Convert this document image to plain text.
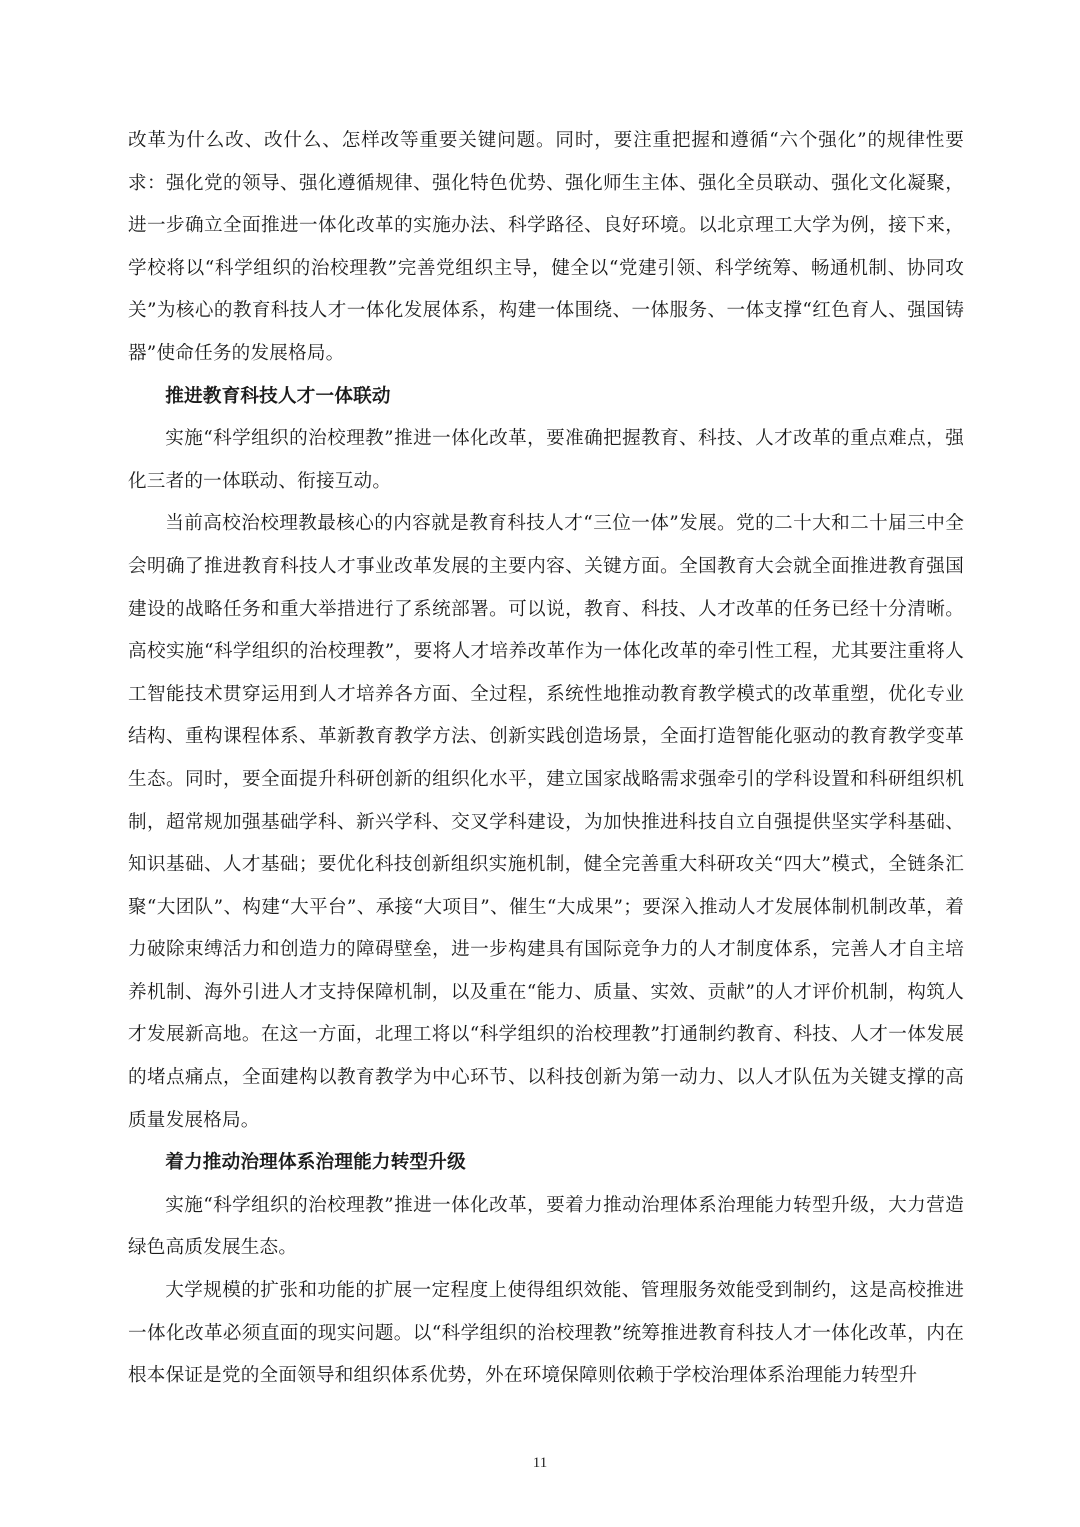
改革为什么改、改什么、怎样改等重要关键问题。同时，要注重把握和遵循“六个强化”的规律性要求：强化党的领导、强化遵循规律、强化特色优势、强化师生主体、强化全员联动、强化文化凝聚，进一步确立全面推进一体化改革的实施办法、科学路径、良好环境。以北京理工大学为例，接下来，学校将以“科学组织的治校理教”完善党组织主导，健全以“党建引领、科学统筹、畅通机制、协同攻关”为核心的教育科技人才一体化发展体系，构建一体围绕、一体服务、一体支撑“红色育人、强国铸器”使命任务的发展格局。

推进教育科技人才一体联动

实施“科学组织的治校理教”推进一体化改革，要准确把握教育、科技、人才改革的重点难点，强化三者的一体联动、衔接互动。

当前高校治校理教最核心的内容就是教育科技人才“三位一体”发展。党的二十大和二十届三中全会明确了推进教育科技人才事业改革发展的主要内容、关键方面。全国教育大会就全面推进教育强国建设的战略任务和重大举措进行了系统部署。可以说，教育、科技、人才改革的任务已经十分清晰。高校实施“科学组织的治校理教”，要将人才培养改革作为一体化改革的牵引性工程，尤其要注重将人工智能技术贯穿运用到人才培养各方面、全过程，系统性地推动教育教学模式的改革重塑，优化专业结构、重构课程体系、革新教育教学方法、创新实践创造场景，全面打造智能化驱动的教育教学变革生态。同时，要全面提升科研创新的组织化水平，建立国家战略需求强牵引的学科设置和科研组织机制，超常规加强基础学科、新兴学科、交叉学科建设，为加快推进科技自立自强提供坚实学科基础、知识基础、人才基础；要优化科技创新组织实施机制，健全完善重大科研攻关“四大”模式，全链条汇聚“大团队”、构建“大平台”、承接“大项目”、催生“大成果”；要深入推动人才发展体制机制改革，着力破除束缚活力和创造力的障碍壁垒，进一步构建具有国际竞争力的人才制度体系，完善人才自主培养机制、海外引进人才支持保障机制，以及重在“能力、质量、实效、贡献”的人才评价机制，构筑人才发展新高地。在这一方面，北理工将以“科学组织的治校理教”打通制约教育、科技、人才一体发展的堵点痛点，全面建构以教育教学为中心环节、以科技创新为第一动力、以人才队伍为关键支撑的高质量发展格局。

着力推动治理体系治理能力转型升级

实施“科学组织的治校理教”推进一体化改革，要着力推动治理体系治理能力转型升级，大力营造绿色高质发展生态。

大学规模的扩张和功能的扩展一定程度上使得组织效能、管理服务效能受到制约，这是高校推进一体化改革必须直面的现实问题。以“科学组织的治校理教”统筹推进教育科技人才一体化改革，内在根本保证是党的全面领导和组织体系优势，外在环境保障则依赖于学校治理体系治理能力转型升

11
